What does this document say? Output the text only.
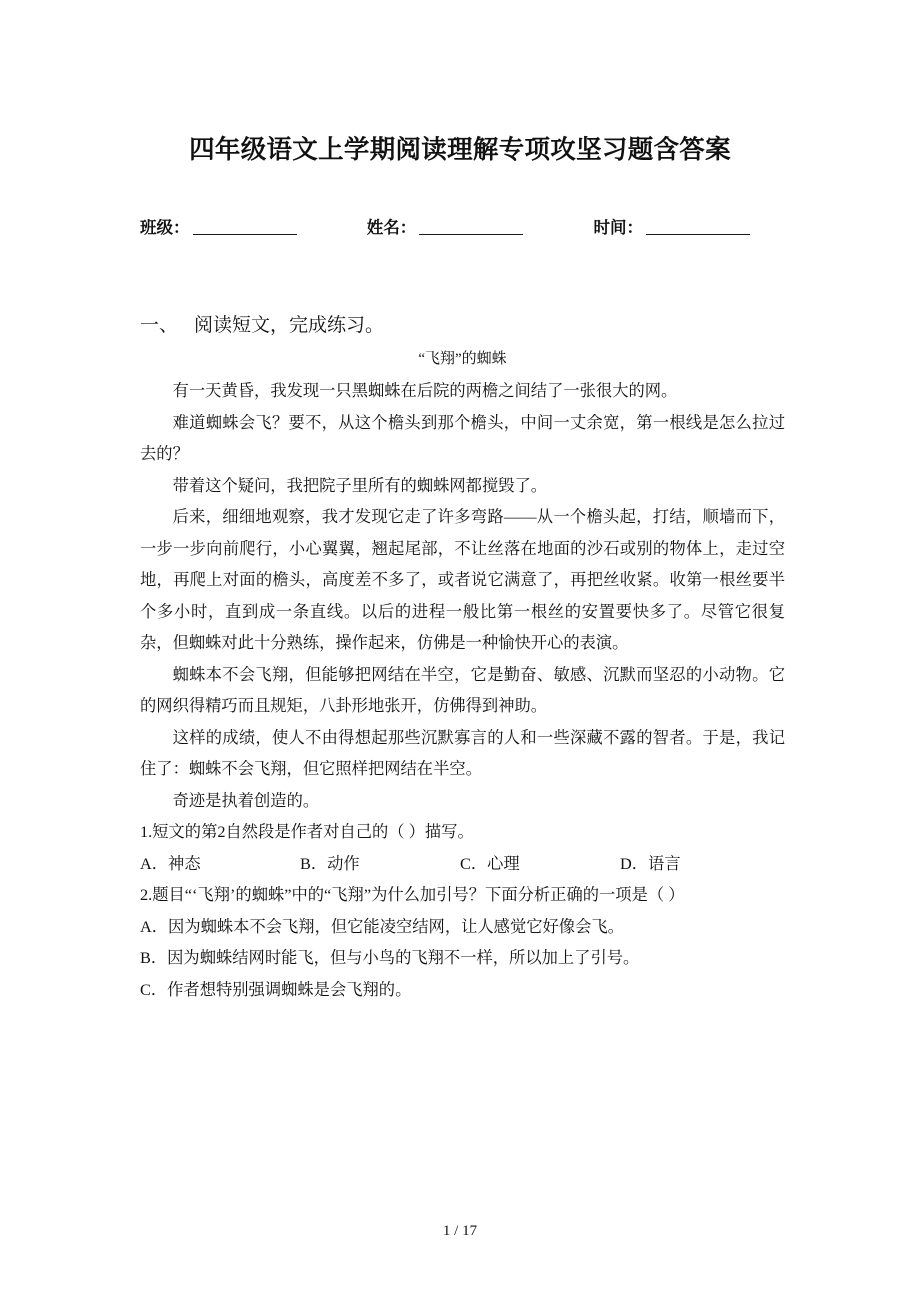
四年级语文上学期阅读理解专项攻坚习题含答案
班级：	姓名：	时间：
一、 阅读短文，完成练习。
“飞翔”的蜘蛛

有一天黄昏，我发现一只黑蜘蛛在后院的两檐之间结了一张很大的网。

难道蜘蛛会飞？要不，从这个檐头到那个檐头，中间一丈余宽，第一根线是怎么拉过去的？

带着这个疑问，我把院子里所有的蜘蛛网都搅毁了。

后来，细细地观察，我才发现它走了许多弯路——从一个檐头起，打结，顺墙而下，一步一步向前爬行，小心翼翼，翘起尾部，不让丝落在地面的沙石或别的物体上，走过空地，再爬上对面的檐头，高度差不多了，或者说它满意了，再把丝收紧。收第一根丝要半个多小时，直到成一条直线。以后的进程一般比第一根丝的安置要快多了。尽管它很复杂，但蜘蛛对此十分熟练，操作起来，仿佛是一种愉快开心的表演。

蜘蛛本不会飞翔，但能够把网结在半空，它是勤奋、敏感、沉默而坚忍的小动物。它的网织得精巧而且规矩，八卦形地张开，仿佛得到神助。

这样的成绩，使人不由得想起那些沉默寡言的人和一些深藏不露的智者。于是，我记住了：蜘蛛不会飞翔，但它照样把网结在半空。

奇迹是执着创造的。

1.短文的第2自然段是作者对自己的（ ）描写。

A．神态	B．动作	C．心理	D．语言

2.题目“‘飞翔’的蜘蛛”中的“飞翔”为什么加引号？下面分析正确的一项是（ ）

A．因为蜘蛛本不会飞翔，但它能凌空结网，让人感觉它好像会飞。

B．因为蜘蛛结网时能飞，但与小鸟的飞翔不一样，所以加上了引号。

C．作者想特别强调蜘蛛是会飞翔的。

1 / 17
